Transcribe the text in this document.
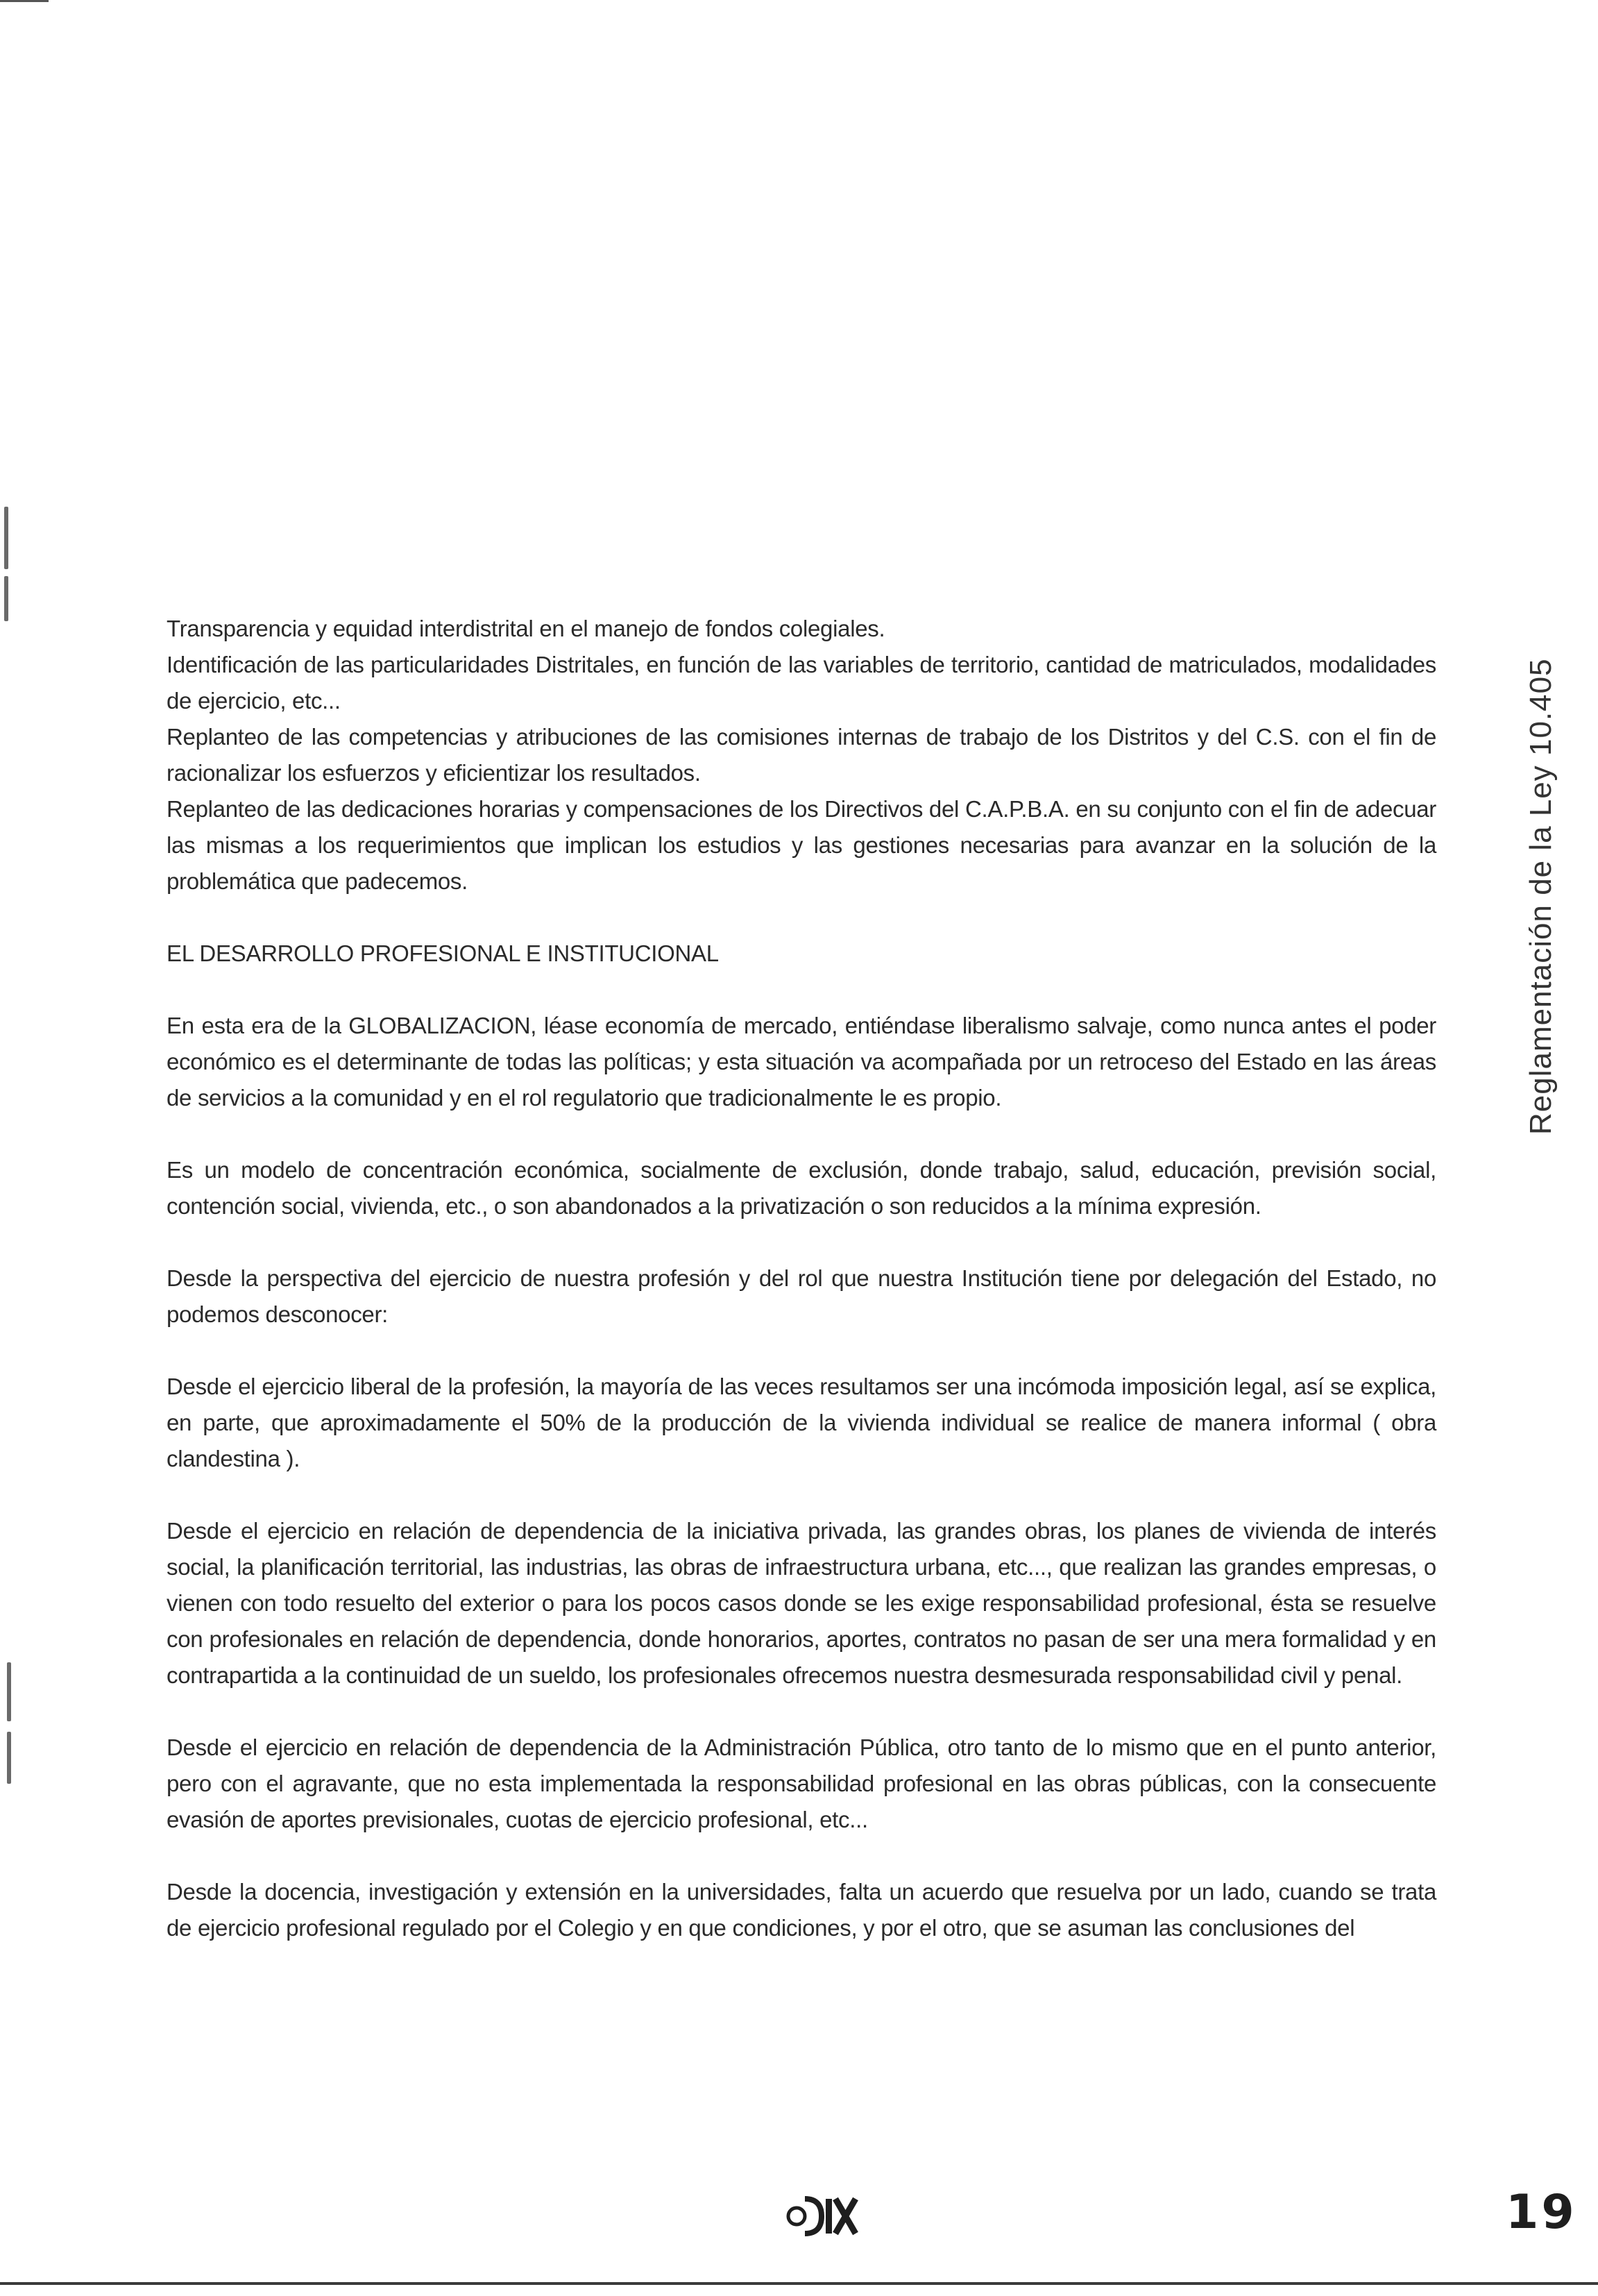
Transparencia y equidad interdistrital en el manejo de fondos colegiales.

Identificación de las particularidades Distritales, en función de las variables de territorio, cantidad de matriculados, modalidades de ejercicio, etc...

Replanteo de las competencias y atribuciones de las comisiones internas de trabajo de los Distritos y del C.S. con el fin de racionalizar los esfuerzos y eficientizar los resultados.

Replanteo de las dedicaciones horarias y compensaciones de los Directivos del C.A.P.B.A. en su conjunto con el fin de adecuar las mismas a los requerimientos que implican los estudios y las gestiones necesarias para avanzar en la solución de la problemática que padecemos.

EL DESARROLLO PROFESIONAL E INSTITUCIONAL

En esta era de la GLOBALIZACION, léase economía de mercado, entiéndase liberalismo salvaje, como nunca antes el poder económico es el determinante de todas las políticas; y esta situación va acompañada por un retroceso del Estado en las áreas de servicios a la comunidad y en el rol regulatorio que tradicionalmente le es propio.

Es un modelo de concentración económica, socialmente de exclusión, donde trabajo, salud, educación, previsión social, contención social, vivienda, etc., o son abandonados a la privatización o son reducidos a la mínima expresión.

Desde la perspectiva del ejercicio de nuestra profesión y del rol que nuestra Institución tiene por delegación del Estado, no podemos desconocer:

Desde el ejercicio liberal de la profesión, la mayoría de las veces resultamos ser una incómoda imposición legal, así se explica, en parte, que aproximadamente el 50% de la producción de la vivienda individual se realice de manera informal ( obra clandestina ).

Desde el ejercicio en relación de dependencia de la iniciativa privada, las grandes obras, los planes de vivienda de interés social, la planificación territorial, las industrias, las obras de infraestructura urbana, etc..., que realizan las grandes empresas, o vienen con todo resuelto del exterior o para los pocos casos donde se les exige responsabilidad profesional, ésta se resuelve con profesionales en relación de dependencia, donde honorarios, aportes, contratos no pasan de ser una mera formalidad y en contrapartida a la continuidad de un sueldo, los profesionales ofrecemos nuestra desmesurada responsabilidad civil y penal.

Desde el ejercicio en relación de dependencia de la Administración Pública, otro tanto de lo mismo que en el punto anterior, pero con el agravante, que no esta implementada la responsabilidad profesional en las obras públicas, con la consecuente evasión de aportes previsionales, cuotas de ejercicio profesional, etc...

Desde la docencia, investigación y extensión en la universidades, falta un acuerdo que resuelva por un lado, cuando se trata de ejercicio profesional regulado por el Colegio y en que condiciones, y por el otro, que se asuman las conclusiones del

Reglamentación de la Ley 10.405
19
